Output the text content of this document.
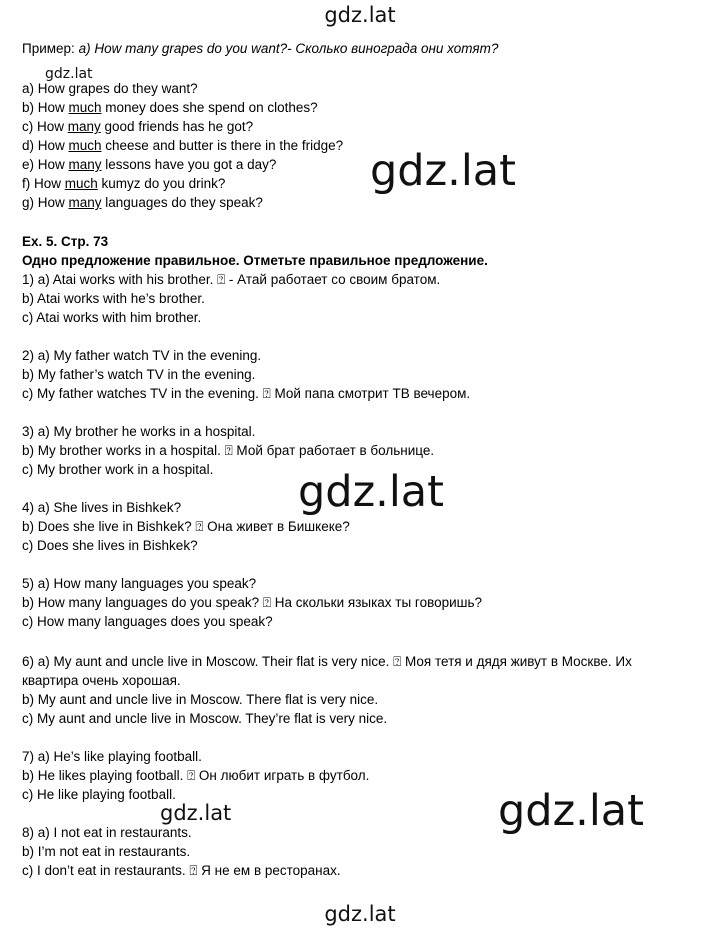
gdz.lat
gdz.lat
gdz.lat
gdz.lat
gdz.lat	gdz.lat
gdz.lat
Пример: a) How many grapes do you want?- Сколько винограда они хотят?
a) How grapes do they want?
b) How much money does she spend on clothes?
c) How many good friends has he got?
d) How much cheese and butter is there in the fridge?
e) How many lessons have you got a day?
f) How much kumyz do you drink?
g) How many languages do they speak?
Ex. 5. Стр. 73
Одно предложение правильное. Отметьте правильное предложение.
1) a) Atai works with his brother. ⍰ - Атай работает со своим братом.
b) Atai works with he’s brother.
c) Atai works with him brother.
2) a) My father watch TV in the evening.
b) My father’s watch TV in the evening.
c) My father watches TV in the evening. ⍰ Мой папа смотрит ТВ вечером.
3) a) My brother he works in a hospital.
b) My brother works in a hospital. ⍰ Мой брат работает в больнице.
c) My brother work in a hospital.
4) a) She lives in Bishkek?
b) Does she live in Bishkek? ⍰ Она живет в Бишкеке?
c) Does she lives in Bishkek?
5) a) How many languages you speak?
b) How many languages do you speak? ⍰ На скольки языках ты говоришь?
c) How many languages does you speak?
6) a) My aunt and uncle live in Moscow. Their flat is very nice. ⍰ Моя тетя и дядя живут в Москве. Их
квартира очень хорошая.
b) My aunt and uncle live in Moscow. There flat is very nice.
c) My aunt and uncle live in Moscow. They’re flat is very nice.
7) a) He’s like playing football.
b) He likes playing football. ⍰ Он любит играть в футбол.
c) He like playing football.
8) a) I not eat in restaurants.
b) I’m not eat in restaurants.
c) I don’t eat in restaurants. ⍰ Я не ем в ресторанах.
